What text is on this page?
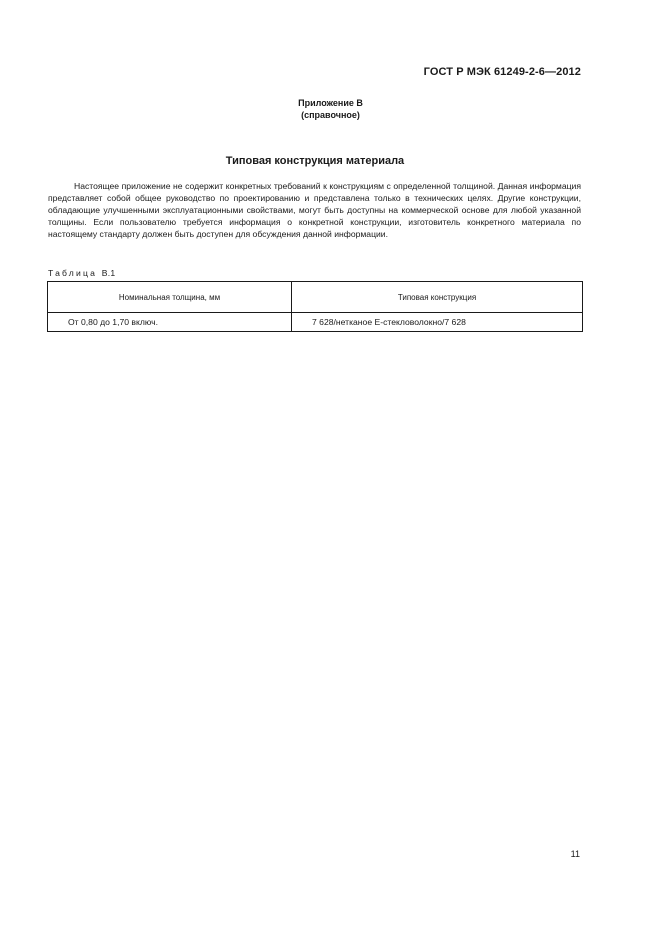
ГОСТ Р МЭК 61249-2-6—2012
Приложение В
(справочное)
Типовая конструкция материала
Настоящее приложение не содержит конкретных требований к конструкциям с определенной толщиной. Данная информация представляет собой общее руководство по проектированию и представлена только в технических целях. Другие конструкции, обладающие улучшенными эксплуатационными свойствами, могут быть доступны на коммерческой основе для любой указанной толщины. Если пользователю требуется информация о конкретной конструкции, изготовитель конкретного материала по настоящему стандарту должен быть доступен для обсуждения данной информации.
Таблица В.1
Номинальная толщина, мм	Типовая конструкция
От 0,80 до 1,70 включ.	7 628/нетканое Е-стекловолокно/7 628
11
